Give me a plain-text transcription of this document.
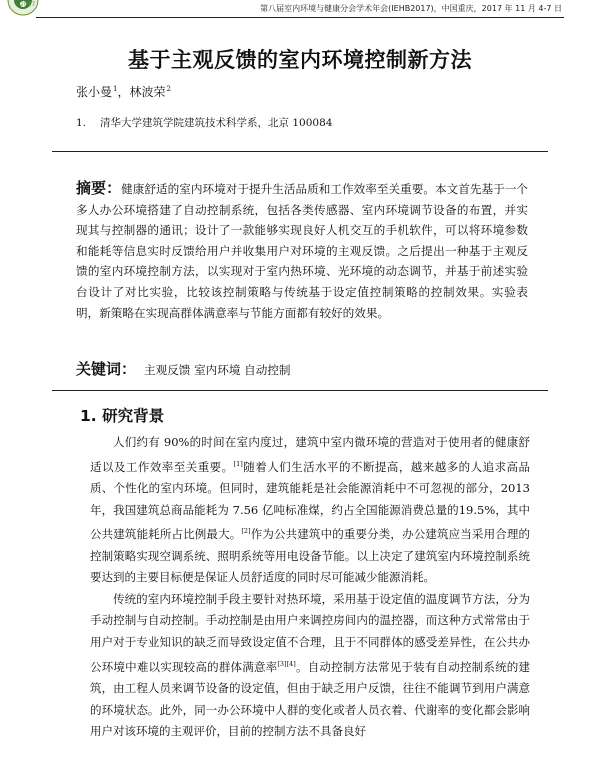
2017	第八届室内环境与健康分会学术年会(IEHB2017)，中国重庆，2017 年 11 月 4-7 日
基于主观反馈的室内环境控制新方法
张小曼$^1$，林波荣$^2$
1. 清华大学建筑学院建筑技术科学系，北京 100084
摘要：健康舒适的室内环境对于提升生活品质和工作效率至关重要。本文首先基于一个多人办公环境搭建了自动控制系统，包括各类传感器、室内环境调节设备的布置，并实现其与控制器的通讯；设计了一款能够实现良好人机交互的手机软件，可以将环境参数和能耗等信息实时反馈给用户并收集用户对环境的主观反馈。之后提出一种基于主观反馈的室内环境控制方法，以实现对于室内热环境、光环境的动态调节，并基于前述实验台设计了对比实验，比较该控制策略与传统基于设定值控制策略的控制效果。实验表明，新策略在实现高群体满意率与节能方面都有较好的效果。
关键词： 主观反馈 室内环境 自动控制
1. 研究背景

人们约有 90%的时间在室内度过，建筑中室内微环境的营造对于使用者的健康舒适以及工作效率至关重要。[1]随着人们生活水平的不断提高，越来越多的人追求高品质、个性化的室内环境。但同时，建筑能耗是社会能源消耗中不可忽视的部分，2013 年，我国建筑总商品能耗为 7.56 亿吨标准煤，约占全国能源消费总量的19.5%，其中公共建筑能耗所占比例最大。[2]作为公共建筑中的重要分类，办公建筑应当采用合理的控制策略实现空调系统、照明系统等用电设备节能。以上决定了建筑室内环境控制系统要达到的主要目标便是保证人员舒适度的同时尽可能减少能源消耗。

传统的室内环境控制手段主要针对热环境，采用基于设定值的温度调节方法，分为手动控制与自动控制。手动控制是由用户来调控房间内的温控器，而这种方式常常由于用户对于专业知识的缺乏而导致设定值不合理，且于不同群体的感受差异性，在公共办公环境中难以实现较高的群体满意率[3][4]。自动控制方法常见于装有自动控制系统的建筑，由工程人员来调节设备的设定值，但由于缺乏用户反馈，往往不能调节到用户满意的环境状态。此外，同一办公环境中人群的变化或者人员衣着、代谢率的变化都会影响用户对该环境的主观评价，目前的控制方法不具备良好
